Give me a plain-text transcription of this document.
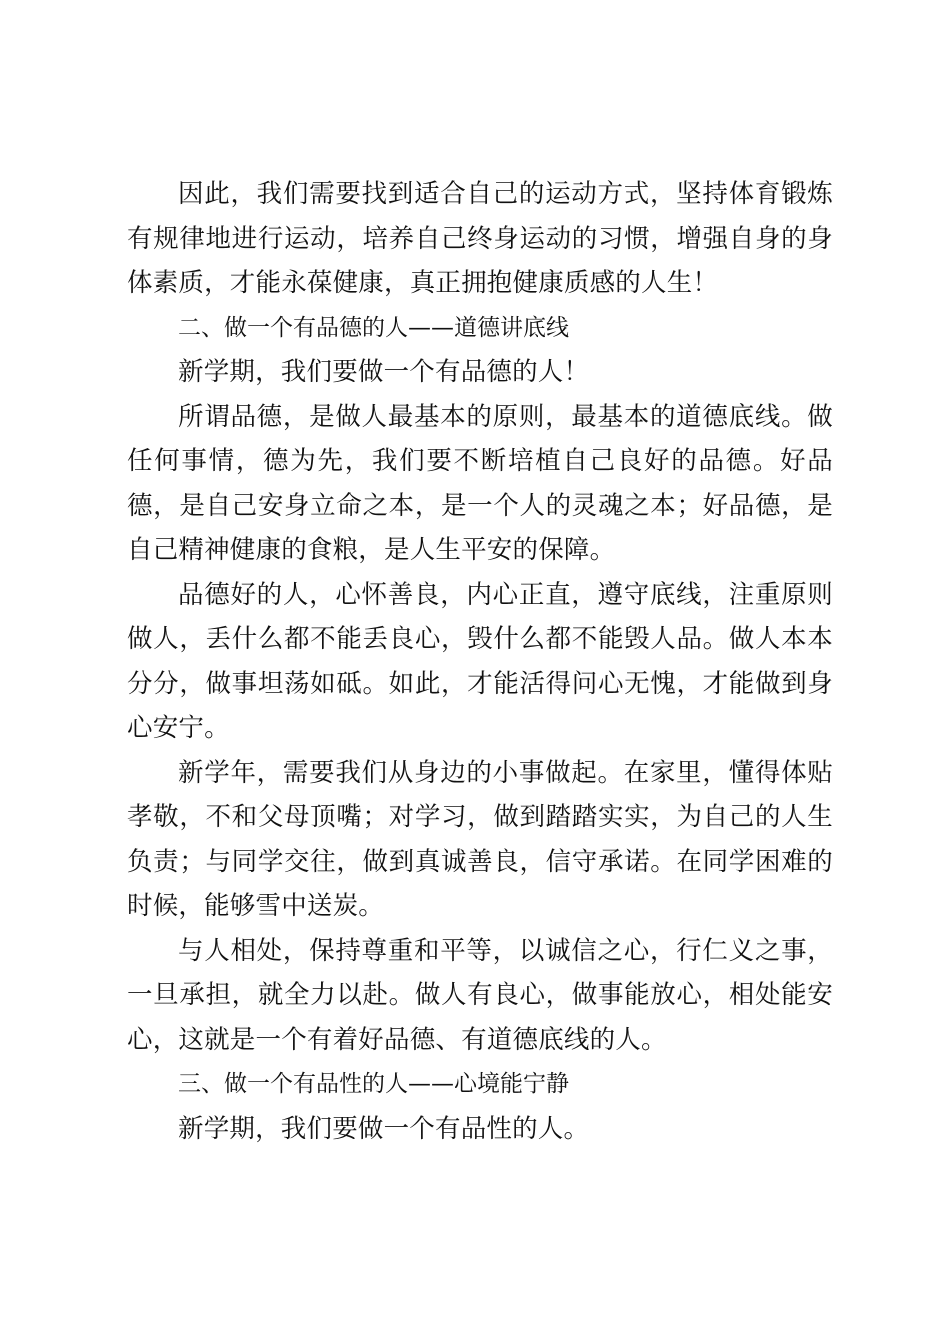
因此，我们需要找到适合自己的运动方式，坚持体育锻炼有规律地进行运动，培养自己终身运动的习惯，增强自身的身体素质，才能永葆健康，真正拥抱健康质感的人生！

二、做一个有品德的人——道德讲底线

新学期，我们要做一个有品德的人！

所谓品德，是做人最基本的原则，最基本的道德底线。做任何事情，德为先，我们要不断培植自己良好的品德。好品德，是自己安身立命之本，是一个人的灵魂之本；好品德，是自己精神健康的食粮，是人生平安的保障。

品德好的人，心怀善良，内心正直，遵守底线，注重原则做人，丢什么都不能丢良心，毁什么都不能毁人品。做人本本分分，做事坦荡如砥。如此，才能活得问心无愧，才能做到身心安宁。

新学年，需要我们从身边的小事做起。在家里，懂得体贴孝敬，不和父母顶嘴；对学习，做到踏踏实实，为自己的人生负责；与同学交往，做到真诚善良，信守承诺。在同学困难的时候，能够雪中送炭。

与人相处，保持尊重和平等，以诚信之心，行仁义之事，一旦承担，就全力以赴。做人有良心，做事能放心，相处能安心，这就是一个有着好品德、有道德底线的人。

三、做一个有品性的人——心境能宁静

新学期，我们要做一个有品性的人。
